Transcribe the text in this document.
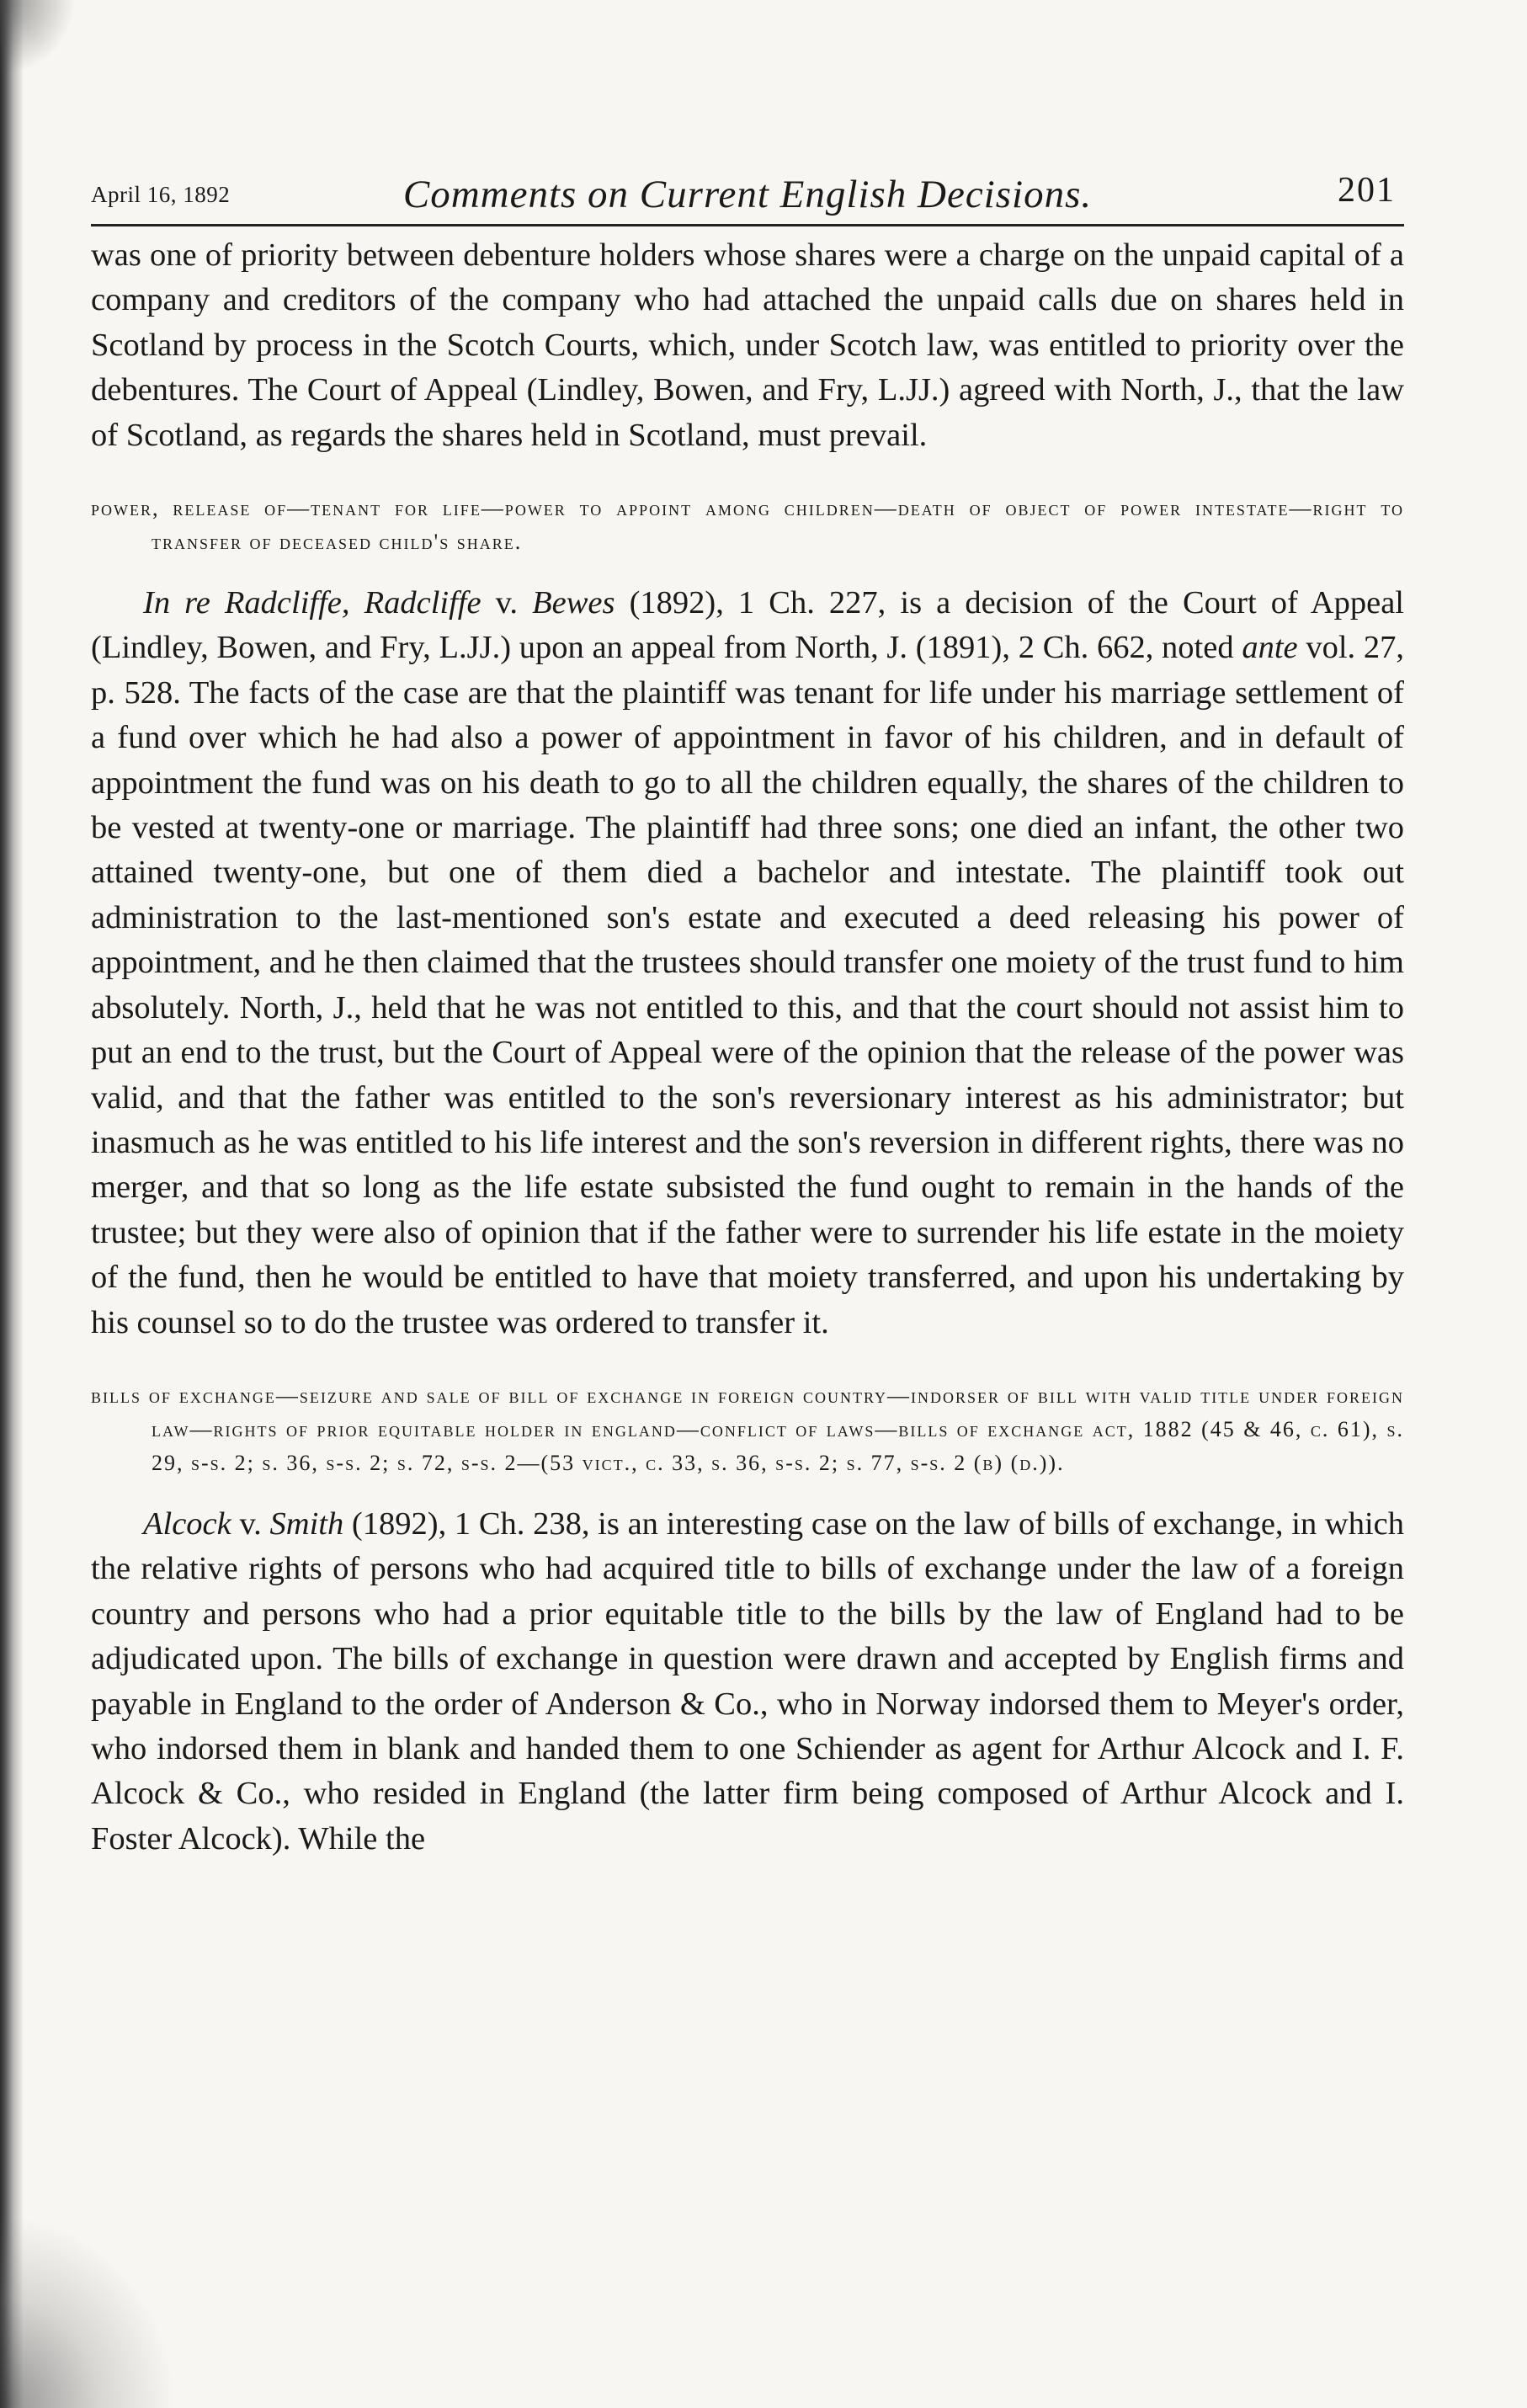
April 16, 1892	Comments on Current English Decisions.	201

was one of priority between debenture holders whose shares were a charge on the unpaid capital of a company and creditors of the company who had attached the unpaid calls due on shares held in Scotland by process in the Scotch Courts, which, under Scotch law, was entitled to priority over the debentures. The Court of Appeal (Lindley, Bowen, and Fry, L.JJ.) agreed with North, J., that the law of Scotland, as regards the shares held in Scotland, must prevail.

power, release of—tenant for life—power to appoint among children—death of object of power intestate—right to transfer of deceased child's share.

In re Radcliffe, Radcliffe v. Bewes (1892), 1 Ch. 227, is a decision of the Court of Appeal (Lindley, Bowen, and Fry, L.JJ.) upon an appeal from North, J. (1891), 2 Ch. 662, noted ante vol. 27, p. 528. The facts of the case are that the plaintiff was tenant for life under his marriage settlement of a fund over which he had also a power of appointment in favor of his children, and in default of appointment the fund was on his death to go to all the children equally, the shares of the children to be vested at twenty-one or marriage. The plaintiff had three sons; one died an infant, the other two attained twenty-one, but one of them died a bachelor and intestate. The plaintiff took out administration to the last-mentioned son's estate and executed a deed releasing his power of appointment, and he then claimed that the trustees should transfer one moiety of the trust fund to him absolutely. North, J., held that he was not entitled to this, and that the court should not assist him to put an end to the trust, but the Court of Appeal were of the opinion that the release of the power was valid, and that the father was entitled to the son's reversionary interest as his administrator; but inasmuch as he was entitled to his life interest and the son's reversion in different rights, there was no merger, and that so long as the life estate subsisted the fund ought to remain in the hands of the trustee; but they were also of opinion that if the father were to surrender his life estate in the moiety of the fund, then he would be entitled to have that moiety transferred, and upon his undertaking by his counsel so to do the trustee was ordered to transfer it.

bills of exchange—seizure and sale of bill of exchange in foreign country—indorser of bill with valid title under foreign law—rights of prior equitable holder in england—conflict of laws—bills of exchange act, 1882 (45 & 46, c. 61), s. 29, s-s. 2; s. 36, s-s. 2; s. 72, s-s. 2—(53 vict., c. 33, s. 36, s-s. 2; s. 77, s-s. 2 (b) (d.)).

Alcock v. Smith (1892), 1 Ch. 238, is an interesting case on the law of bills of exchange, in which the relative rights of persons who had acquired title to bills of exchange under the law of a foreign country and persons who had a prior equitable title to the bills by the law of England had to be adjudicated upon. The bills of exchange in question were drawn and accepted by English firms and payable in England to the order of Anderson & Co., who in Norway indorsed them to Meyer's order, who indorsed them in blank and handed them to one Schiender as agent for Arthur Alcock and I. F. Alcock & Co., who resided in England (the latter firm being composed of Arthur Alcock and I. Foster Alcock). While the
